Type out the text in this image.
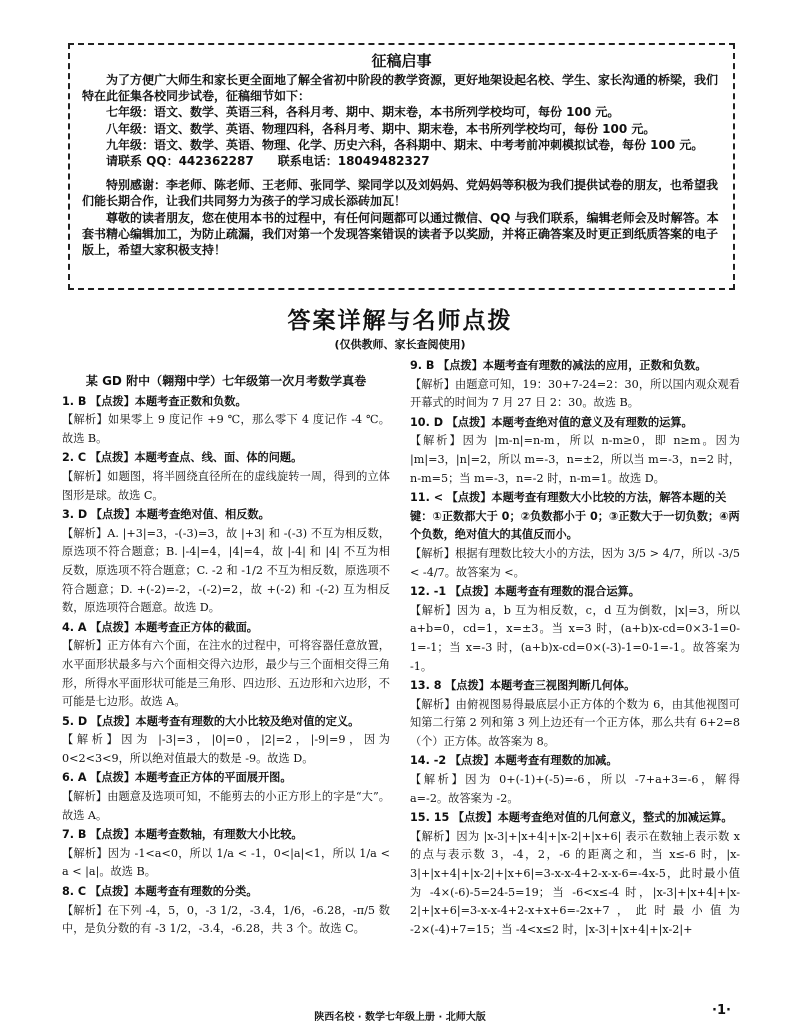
征稿启事

为了方便广大师生和家长更全面地了解全省初中阶段的教学资源，更好地架设起名校、学生、家长沟通的桥梁，我们特在此征集各校同步试卷，征稿细节如下：

七年级：语文、数学、英语三科，各科月考、期中、期末卷，本书所列学校均可，每份 100 元。

八年级：语文、数学、英语、物理四科，各科月考、期中、期末卷，本书所列学校均可，每份 100 元。

九年级：语文、数学、英语、物理、化学、历史六科，各科期中、期末、中考考前冲刺模拟试卷，每份 100 元。

请联系 QQ：442362287　　联系电话：18049482327

特别感谢：李老师、陈老师、王老师、张同学、梁同学以及刘妈妈、党妈妈等积极为我们提供试卷的朋友，也希望我们能长期合作，让我们共同努力为孩子的学习成长添砖加瓦！

尊敬的读者朋友，您在使用本书的过程中，有任何问题都可以通过微信、QQ 与我们联系，编辑老师会及时解答。本套书精心编辑加工，为防止疏漏，我们对第一个发现答案错误的读者予以奖励，并将正确答案及时更正到纸质答案的电子版上，希望大家积极支持！

答案详解与名师点拨
(仅供教师、家长查阅使用)
某 GD 附中（翱翔中学）七年级第一次月考数学真卷
1. B 【点拨】本题考查正数和负数。
【解析】如果零上 9 度记作 +9 ℃，那么零下 4 度记作 -4 ℃。故选 B。
2. C 【点拨】本题考查点、线、面、体的问题。
【解析】如题图，将半圆绕直径所在的虚线旋转一周，得到的立体图形是球。故选 C。
3. D 【点拨】本题考查绝对值、相反数。
【解析】A. |+3|=3，-(-3)=3，故 |+3| 和 -(-3) 不互为相反数，原选项不符合题意；B. |-4|=4，|4|=4，故 |-4| 和 |4| 不互为相反数，原选项不符合题意；C. -2 和 -1/2 不互为相反数，原选项不符合题意；D. +(-2)=-2，-(-2)=2，故 +(-2) 和 -(-2) 互为相反数，原选项符合题意。故选 D。
4. A 【点拨】本题考查正方体的截面。
【解析】正方体有六个面，在注水的过程中，可将容器任意放置，水平面形状最多与六个面相交得六边形，最少与三个面相交得三角形，所得水平面形状可能是三角形、四边形、五边形和六边形，不可能是七边形。故选 A。
5. D 【点拨】本题考查有理数的大小比较及绝对值的定义。
【解析】因为 |-3|=3，|0|=0，|2|=2，|-9|=9，因为 0<2<3<9，所以绝对值最大的数是 -9。故选 D。
6. A 【点拨】本题考查正方体的平面展开图。
【解析】由题意及选项可知，不能剪去的小正方形上的字是“大”。故选 A。
7. B 【点拨】本题考查数轴，有理数大小比较。
【解析】因为 -1<a<0，所以 1/a < -1，0<|a|<1，所以 1/a < a < |a|。故选 B。
8. C 【点拨】本题考查有理数的分类。
【解析】在下列 -4，5，0，-3 1/2，-3.4̇，1/6，-6.28，-π/5 数中，是负分数的有 -3 1/2，-3.4̇，-6.28，共 3 个。故选 C。
9. B 【点拨】本题考查有理数的减法的应用，正数和负数。
【解析】由题意可知，19：30+7-24=2：30，所以国内观众观看开幕式的时间为 7 月 27 日 2：30。故选 B。
10. D 【点拨】本题考查绝对值的意义及有理数的运算。
【解析】因为 |m-n|=n-m，所以 n-m≥0，即 n≥m。因为 |m|=3，|n|=2，所以 m=-3，n=±2，所以当 m=-3，n=2 时，n-m=5；当 m=-3，n=-2 时，n-m=1。故选 D。
11. < 【点拨】本题考查有理数大小比较的方法，解答本题的关键：①正数都大于 0；②负数都小于 0；③正数大于一切负数；④两个负数，绝对值大的其值反而小。
【解析】根据有理数比较大小的方法，因为 3/5 > 4/7，所以 -3/5 < -4/7。故答案为 <。
12. -1 【点拨】本题考查有理数的混合运算。
【解析】因为 a，b 互为相反数，c，d 互为倒数，|x|=3，所以 a+b=0，cd=1，x=±3。当 x=3 时，(a+b)x-cd=0×3-1=0-1=-1；当 x=-3 时，(a+b)x-cd=0×(-3)-1=0-1=-1。故答案为 -1。
13. 8 【点拨】本题考查三视图判断几何体。
【解析】由俯视图易得最底层小正方体的个数为 6，由其他视图可知第二行第 2 列和第 3 列上边还有一个正方体，那么共有 6+2=8（个）正方体。故答案为 8。
14. -2 【点拨】本题考查有理数的加减。
【解析】因为 0+(-1)+(-5)=-6，所以 -7+a+3=-6，解得 a=-2。故答案为 -2。
15. 15 【点拨】本题考查绝对值的几何意义，整式的加减运算。
【解析】因为 |x-3|+|x+4|+|x-2|+|x+6| 表示在数轴上表示数 x 的点与表示数 3，-4，2，-6 的距离之和，当 x≤-6 时，|x-3|+|x+4|+|x-2|+|x+6|=3-x-x-4+2-x-x-6=-4x-5，此时最小值为 -4×(-6)-5=24-5=19；当 -6<x≤-4 时，|x-3|+|x+4|+|x-2|+|x+6|=3-x-x-4+2-x+x+6=-2x+7，此时最小值为 -2×(-4)+7=15；当 -4<x≤2 时，|x-3|+|x+4|+|x-2|+
陕西名校 · 数学七年级上册 · 北师大版	·1·
